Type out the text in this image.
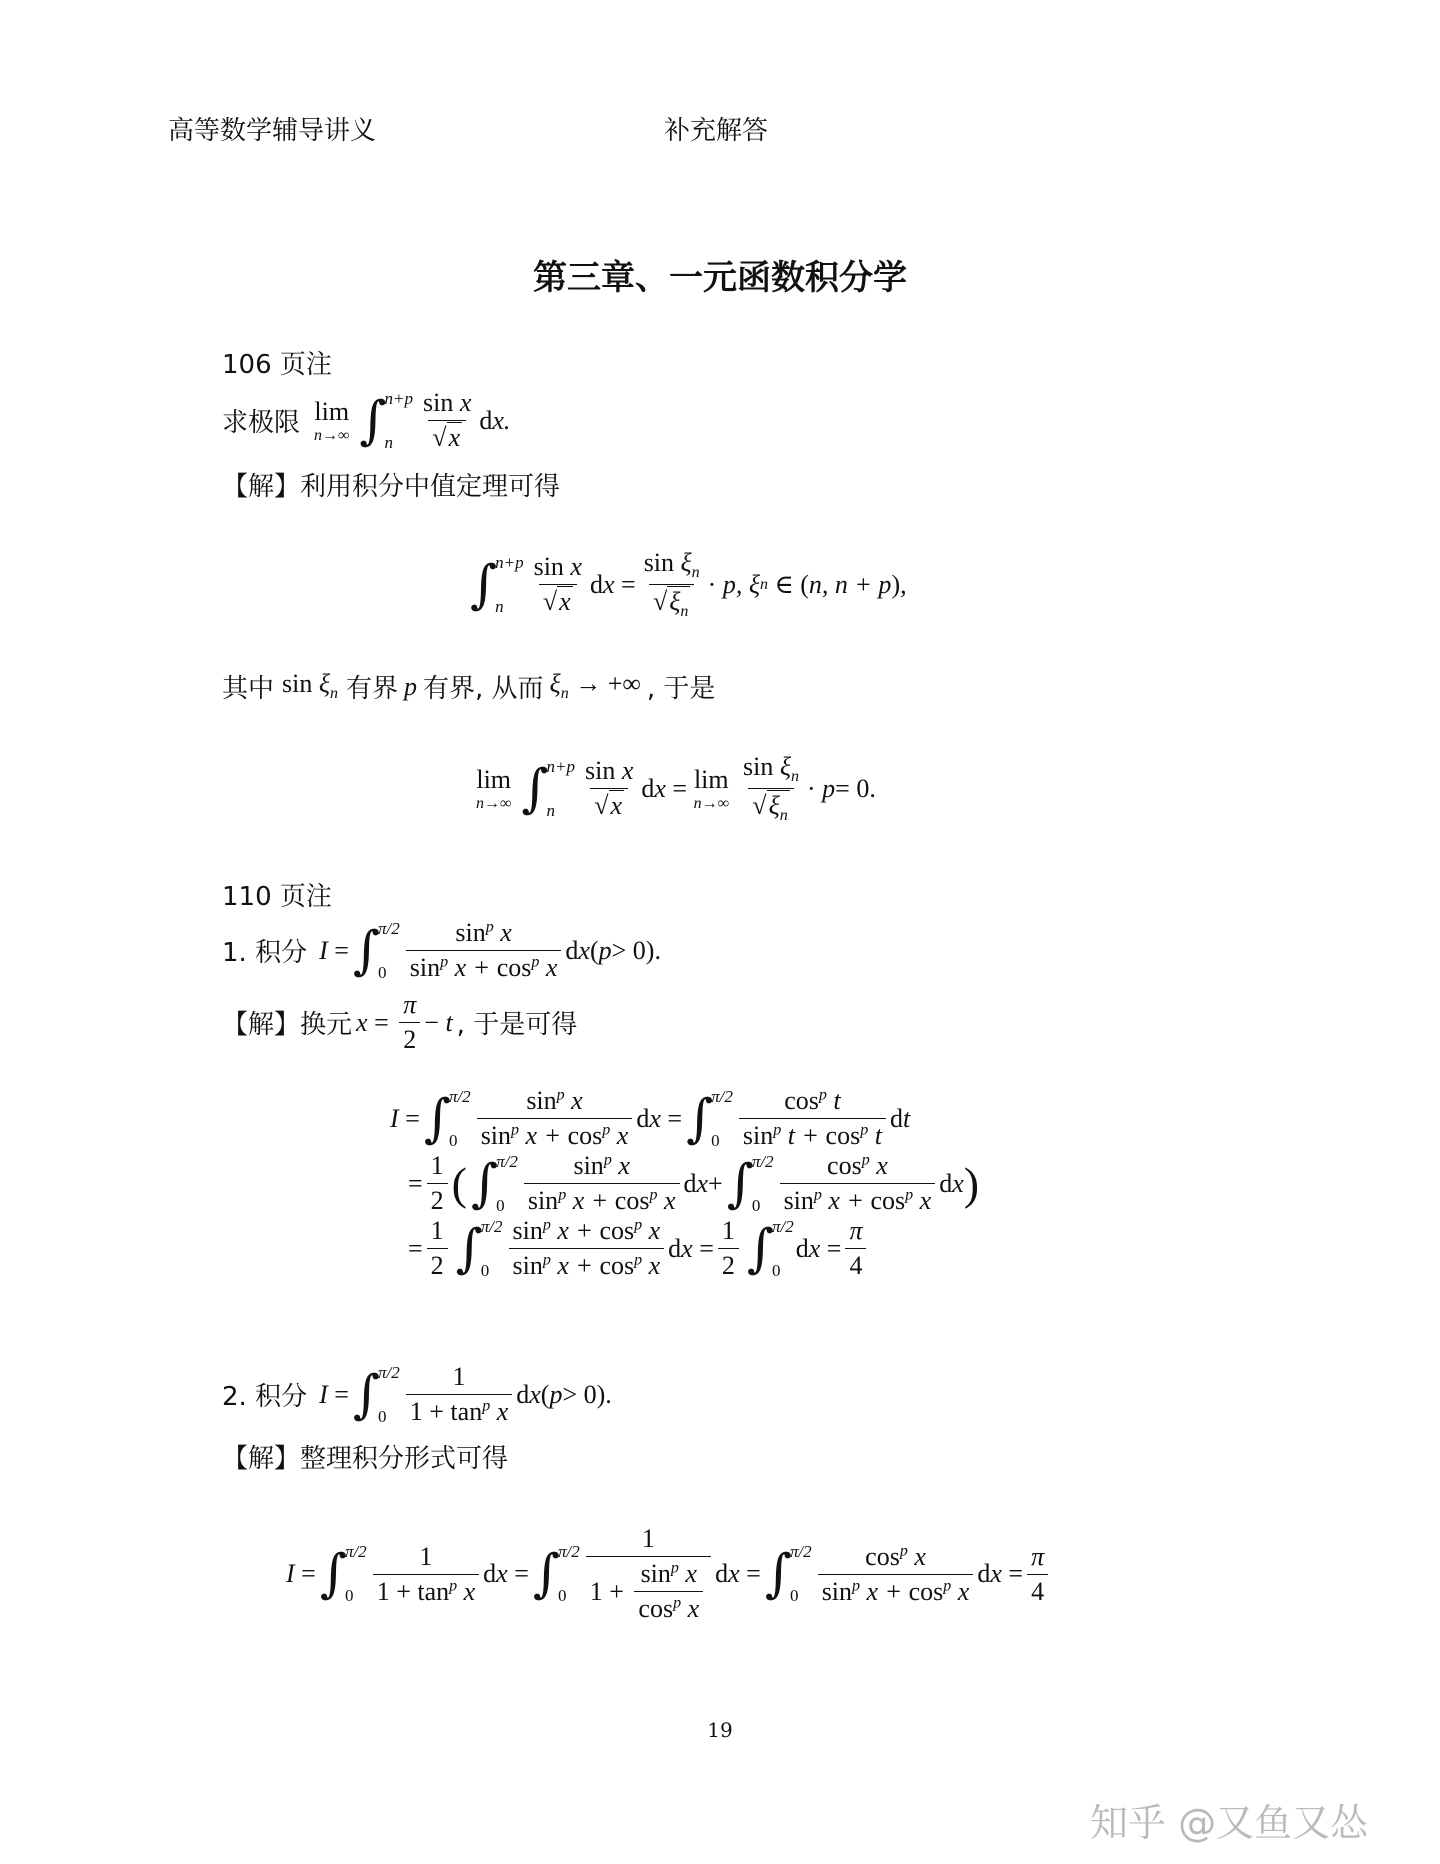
高等数学辅导讲义	补充解答
第三章、一元函数积分学
106 页注
求极限 lim
n→∞ ∫
n+p
n $\frac{\text{sin x}}{√x}$ d x.
【解】利用积分中值定理可得
∫
n+p
n $\frac{\text{sin x}}{√x}$ d $x = \frac{\sin \xi_n}{√\xi_n} \cdot p$, ξ n
∈ ( n, n + p ),
其中 $\sin \xi_n$ 有界 p 有界, 从而 $\xi_n$ → +∞ , 于是
lim
n→∞ ∫
n+p
n $\frac{\text{sin x}}{√x}$ d x =
lim
$n\to\infty \frac{\sin \xi_n}{√\xi_n} \cdot p = 0$.
110 页注
1. 积分 I = ∫
π/2
$0 \frac{\sin^p x}{\sin^p x + \cos^p x}$ d x ( p > 0).
【解】换元 $x = \frac{\pi}{2} - t$ , 于是可得
I = ∫
π/2
$0 \frac{\sin^p x}{\sin^p x + \cos^p x}$ d x = ∫
π/2
$0 \frac{\cos^p t}{\sin^p t + \cos^p t}$ d t
= $\frac{1}{2}$ ( ∫
π/2
$0 \frac{\sin^p x}{\sin^p x + \cos^p x}$ d x + ∫
π/2
$0 \frac{\cos^p x}{\sin^p x + \cos^p x}$ d x )
= $\frac{1}{2}$ ∫
π/2
$0 \frac{\sin^p x + \cos^p x}{\sin^p x + \cos^p x}$ d $x = \frac{1}{2}$ ∫
π/2
0
d $x = \frac{\pi}{4}$
2. 积分 I = ∫
π/2
$0 \frac{1}{1 + \tan^p x}$ d x ( p > 0).
【解】整理积分形式可得
I = ∫
π/2
$0 \frac{1}{1 + \tan^p x}$ d x = ∫
π/2
$0 \frac{1}{1 + \frac{\sin^p x}{\cos^p x}}$ d x = ∫
π/2
$0 \frac{\cos^p x}{\sin^p x + \cos^p x}$ d $x = \frac{\pi}{4}$
19
知乎 @又鱼又怂
